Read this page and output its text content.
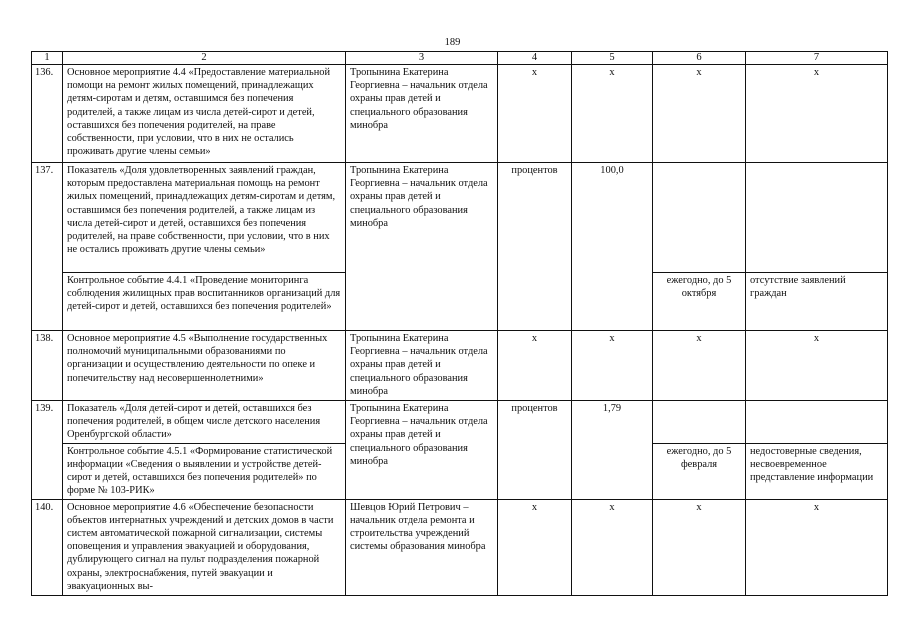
189
1	2	3	4	5	6	7
136.	Основное мероприятие 4.4 «Предоставление материальной помощи на ремонт жилых помещений, принадлежащих детям-сиротам и детям, оставшимся без попечения родителей, а также лицам из числа детей-сирот и детей, оставшихся без попечения родителей, на праве собственности, при условии, что в них не остались проживать другие члены семьи»	Тропынина Екатерина Георгиевна – начальник отдела охраны прав детей и специального образования минобра	х	х	х	х
137.	Показатель «Доля удовлетворенных заявлений граждан, которым предоставлена материальная помощь на ремонт жилых помещений, принадлежащих детям-сиротам и детям, оставшимся без попечения родителей, а также лицам из числа детей-сирот и детей, оставшихся без попечения родителей, на праве собственности, при условии, что в них не остались проживать другие члены семьи»	Тропынина Екатерина Георгиевна – начальник отдела охраны прав детей и специального образования минобра	процентов	100,0		
	Контрольное событие 4.4.1 «Проведение мониторинга соблюдения жилищных прав воспитанников организаций для детей-сирот и детей, оставшихся без попечения родителей»				ежегодно, до 5 октября	отсутствие заявлений граждан
138.	Основное мероприятие 4.5 «Выполнение государственных полномочий муниципальными образованиями по организации и осуществлению деятельности по опеке и попечительству над несовершеннолетними»	Тропынина Екатерина Георгиевна – начальник отдела охраны прав детей и специального образования минобра	х	х	х	х
139.	Показатель «Доля детей-сирот и детей, оставшихся без попечения родителей, в общем числе детского населения Оренбургской области»	Тропынина Екатерина Георгиевна – начальник отдела охраны прав детей и специального образования минобра	процентов	1,79		
	Контрольное событие 4.5.1 «Формирование статистической информации «Сведения о выявлении и устройстве детей-сирот и детей, оставшихся без попечения родителей» по форме № 103-РИК»				ежегодно, до 5 февраля	недостоверные сведения, несвоевременное представление информации
140.	Основное мероприятие 4.6 «Обеспечение безопасности объектов интернатных учреждений и детских домов в части систем автоматической пожарной сигнализации, системы оповещения и управления эвакуацией и оборудования, дублирующего сигнал на пульт подразделения пожарной охраны, электроснабжения, путей эвакуации и эвакуационных вы-	Шевцов Юрий Петрович – начальник отдела ремонта и строительства учреждений системы образования минобра	х	х	х	х
